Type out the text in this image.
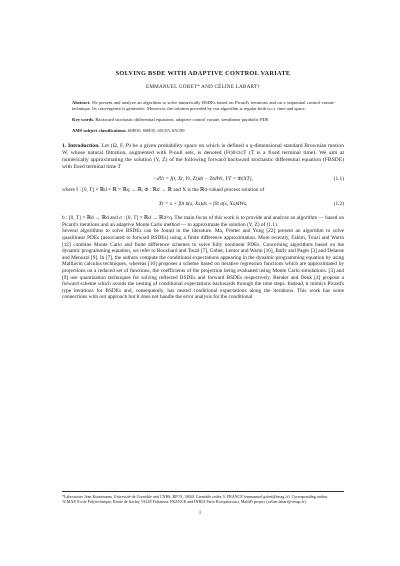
SOLVING BSDE WITH ADAPTIVE CONTROL VARIATE
EMMANUEL GOBET* AND CÉLINE LABART†
Abstract. We present and analyze an algorithm to solve numerically BSDEs based on Picard's iterations and on a sequential control variate technique. Its convergence is geometric. Moreover, the solution provided by our algorithm is regular both w.r.t. time and space.
Key words. Backward stochastic differential equations, adaptive control variate, semilinear parabolic PDE
AMS subject classifications. 60H10, 60H35, 65C05, 65G99
1. Introduction. Let (Ω, F, P) be a given probability space on which is defined a q-dimensional standard Brownian motion W, whose natural filtration, augmented with P-null sets, is denoted (Ft)0≤t≤T (T is a fixed terminal time). We aim at numerically approximating the solution (Y, Z) of the following forward backward stochastic differential equation (FBSDE) with fixed terminal time T
−dYt = f(t, Xt, Yt, Zt)dt − ZtdWt, YT = Φ(XT),	(1.1)

where f : [0, T] × ℝd × ℝ × ℝq → ℝ, Φ : ℝd → ℝ and X is the ℝd-valued process solution of

Xt = x + ∫0t b(s, Xs)ds + ∫0t σ(s, Xs)dWs,	(1.2)

b : [0, T] × ℝd → ℝd and σ : [0, T] × ℝd → ℝd×q. The main focus of this work is to provide and analyze an algorithm — based on Picard's iterations and an adaptive Monte Carlo method — to approximate the solution (Y, Z) of (1.1).

Several algorithms to solve BSDEs can be found in the literature. Ma, Protter and Yong [22] present an algorithm to solve quasilinear PDEs (associated to forward BSDEs) using a finite difference approximation. More recently, Fahim, Touzi and Warin [12] combine Monte Carlo and finite difference schemes to solve fully nonlinear PDEs. Concerning algorithms based on the dynamic programming equation, we refer to Bouchard and Touzi [7], Gobet, Lemor and Warin [16], Bally and Pagès [3] and Delarue and Menozzi [9]. In [7], the authors compute the conditional expectations appearing in the dynamic programming equation by using Malliavin calculus techniques, whereas [16] proposes a scheme based on iterative regression functions which are approximated by projections on a reduced set of functions, the coefficients of the projection being evaluated using Monte Carlo simulations. [3] and [9] use quantization techniques for solving reflected BSDEs and forward BSDEs respectively. Bender and Denk [4] propose a forward scheme which avoids the nesting of conditional expectations backwards through the time steps. Instead, it mimics Picard's type iterations for BSDEs and, consequently, has nested conditional expectations along the iterations. This work has some connections with our approach but it does not handle the error analysis for the conditional

*Laboratoire Jean Kuntzmann, Université de Grenoble and CNRS, BP 53, 38041 Grenoble cedex 9, FRANCE (emmanuel.gobet@imag.fr). Corresponding author.

†CMAP, Ecole Polytechnique, Route de Saclay, 91128 Palaiseau, FRANCE and INRIA Paris-Rocquencourt, MathFi project (celine.labart@cmap.fr).

1
